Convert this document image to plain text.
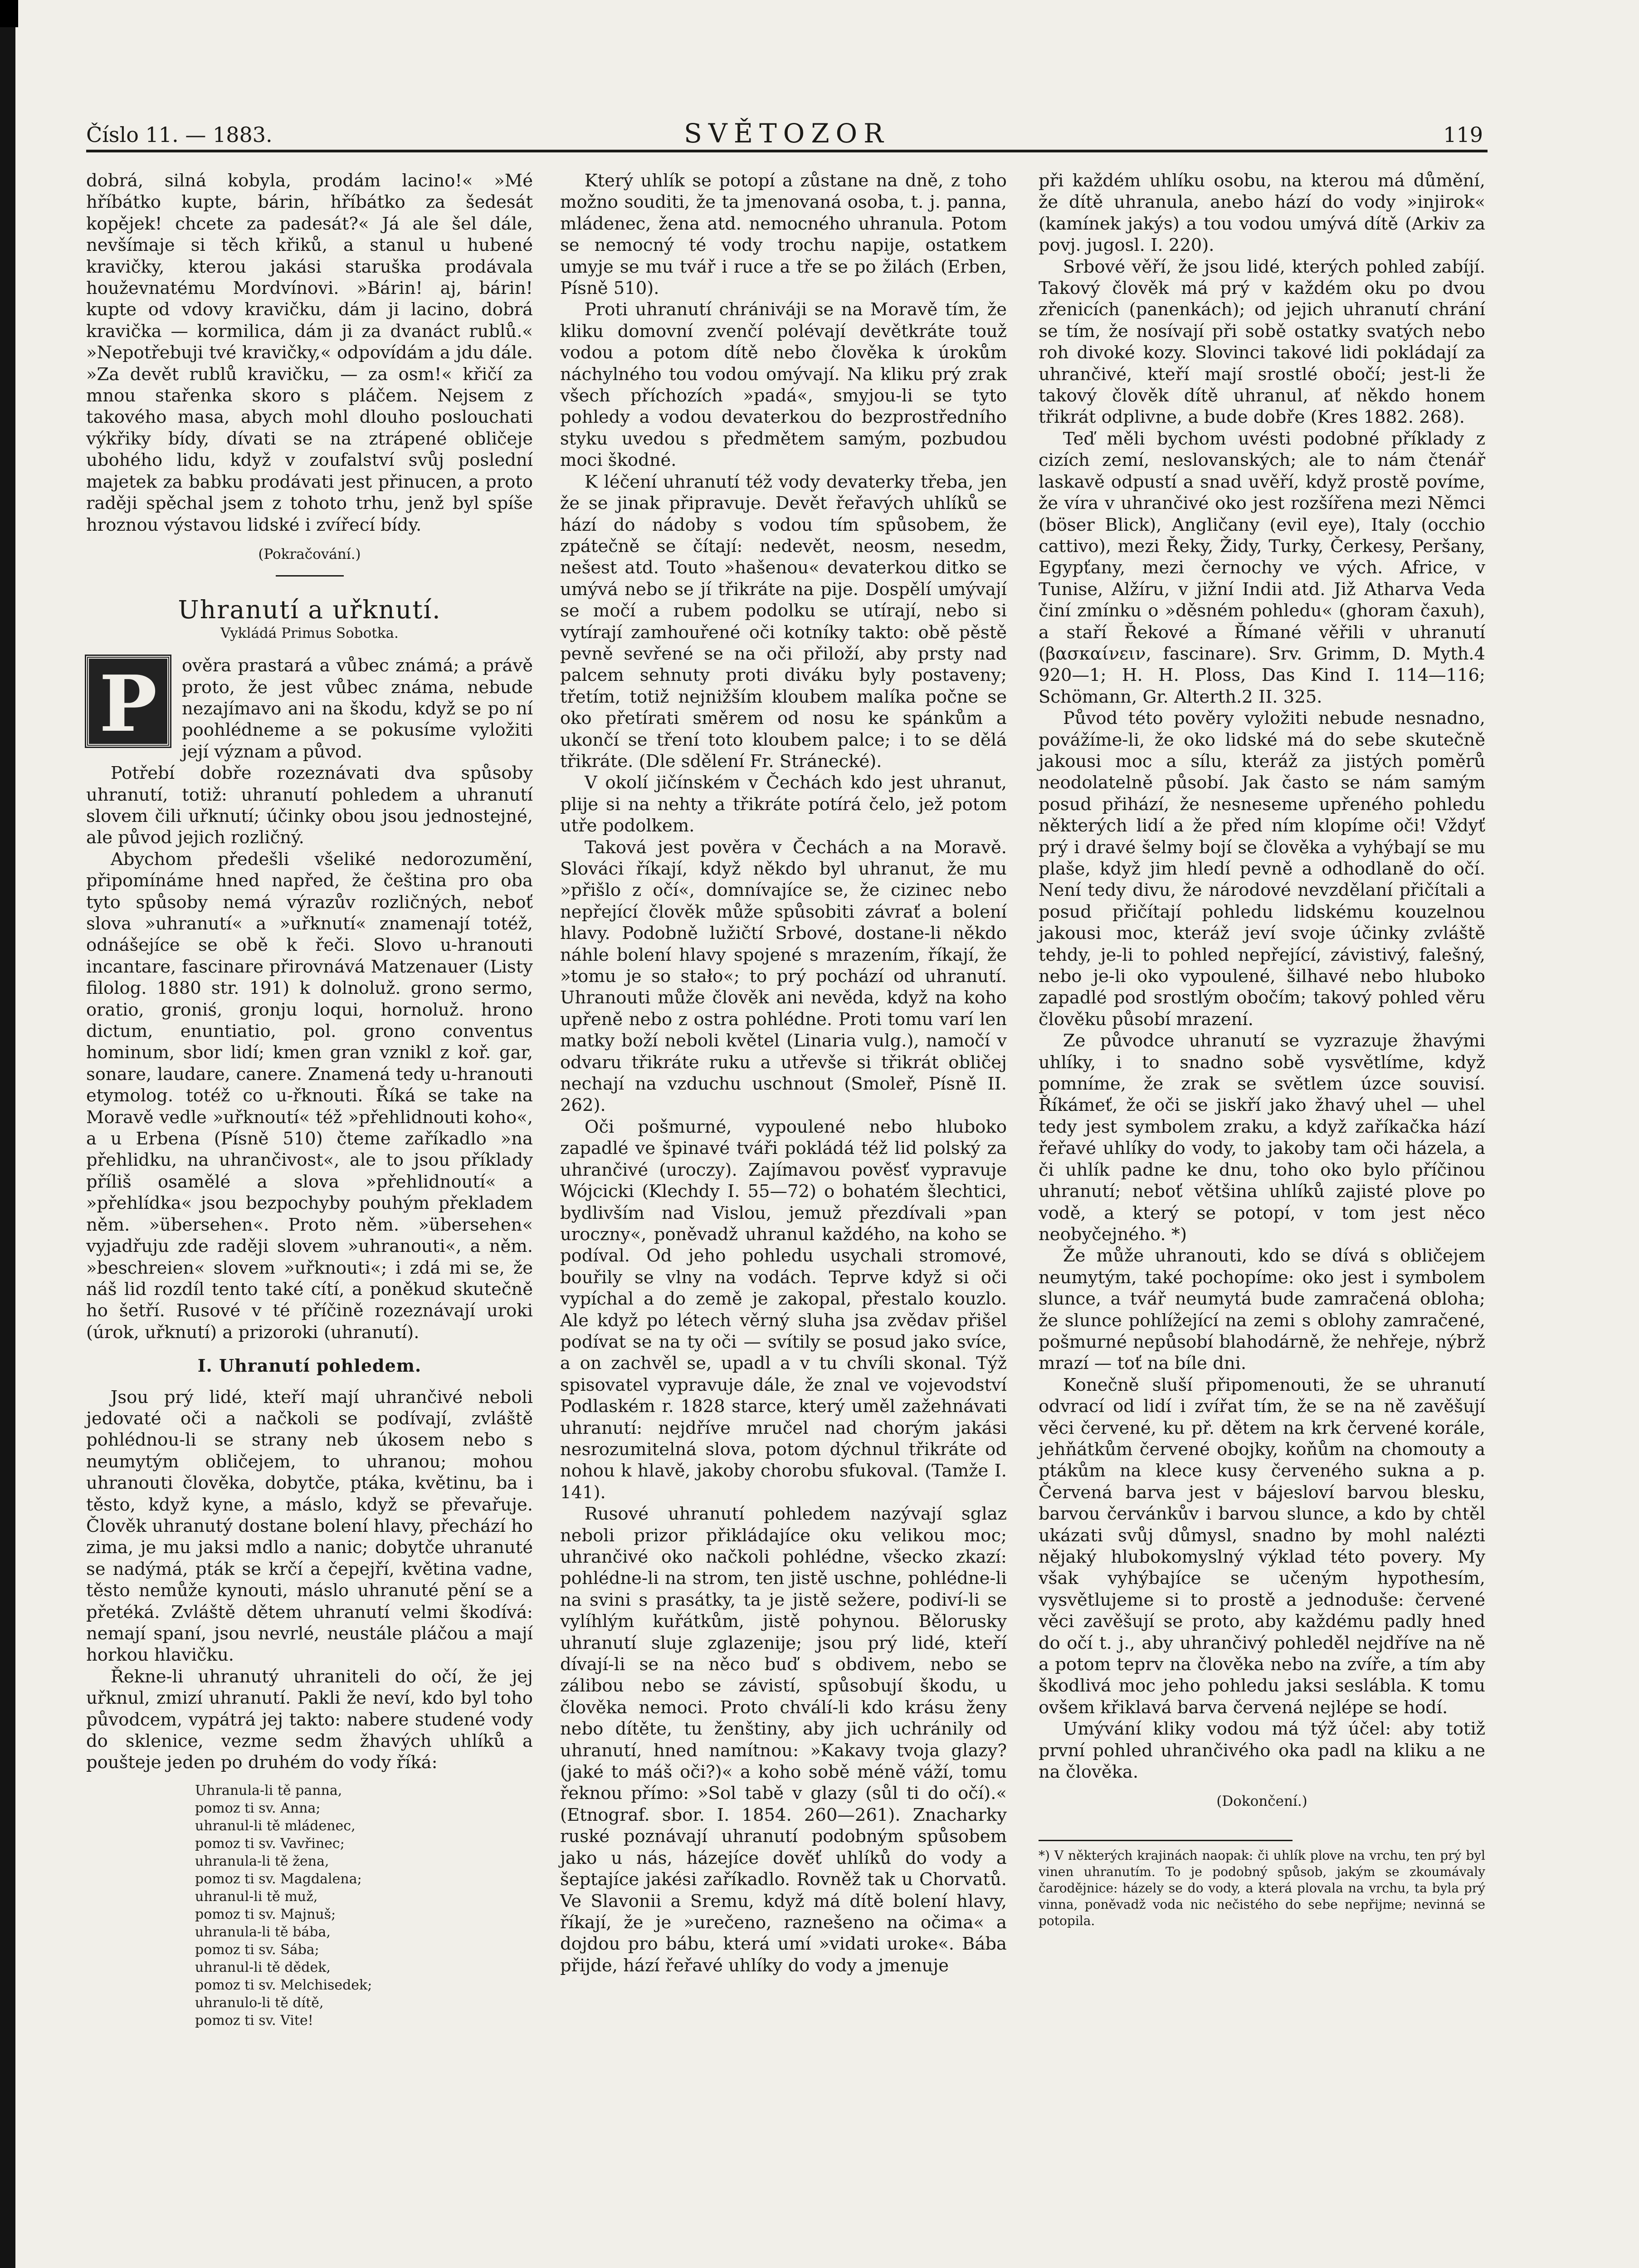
Číslo 11. — 1883.	SVĚTOZOR	119

dobrá, silná kobyla, prodám lacino!« »Mé hříbátko kupte, bárin, hříbátko za šedesát kopějek! chcete za padesát?« Já ale šel dále, nevšímaje si těch křiků, a stanul u hubené kravičky, kterou jakási staruška prodávala houževnatému Mordvínovi. »Bárin! aj, bárin! kupte od vdovy kravičku, dám ji lacino, dobrá kravička — kormilica, dám ji za dvanáct rublů.« »Nepotřebuji tvé kravičky,« odpovídám a jdu dále. »Za devět rublů kravičku, — za osm!« křičí za mnou stařenka skoro s pláčem. Nejsem z takového masa, abych mohl dlouho poslouchati výkřiky bídy, dívati se na ztrápené obličeje ubohého lidu, když v zoufalství svůj poslední majetek za babku prodávati jest přinucen, a proto raději spěchal jsem z tohoto trhu, jenž byl spíše hroznou výstavou lidské i zvířecí bídy.

(Pokračování.)
Uhranutí a uřknutí.
Vykládá Primus Sobotka.

P	ověra prastará a vůbec známá; a právě proto, že jest vůbec známa, nebude nezajímavo ani na škodu, když se po ní poohlédneme a se pokusíme vyložiti její význam a původ.

Potřebí dobře rozeznávati dva spůsoby uhranutí, totiž: uhranutí pohledem a uhranutí slovem čili uřknutí; účinky obou jsou jednostejné, ale původ jejich rozličný.

Abychom předešli všeliké nedorozumění, připomínáme hned napřed, že čeština pro oba tyto spůsoby nemá výrazův rozličných, neboť slova »uhranutí« a »uřknutí« znamenají totéž, odnášejíce se obě k řeči. Slovo u-hranouti incantare, fascinare přirovnává Matzenauer (Listy filolog. 1880 str. 191) k dolnoluž. grono sermo, oratio, groniś, gronju loqui, hornoluž. hrono dictum, enuntiatio, pol. grono conventus hominum, sbor lidí; kmen gran vznikl z koř. gar, sonare, laudare, canere. Znamená tedy u-hranouti etymolog. totéž co u-řknouti. Říká se take na Moravě vedle »uřknoutí« též »přehlidnouti koho«, a u Erbena (Písně 510) čteme zaříkadlo »na přehlidku, na uhrančivost«, ale to jsou příklady příliš osamělé a slova »přehlidnoutí« a »přehlídka« jsou bezpochyby pouhým překladem něm. »übersehen«. Proto něm. »übersehen« vyjadřuju zde raději slovem »uhranouti«, a něm. »beschreien« slovem »uřknouti«; i zdá mi se, že náš lid rozdíl tento také cítí, a poněkud skutečně ho šetří. Rusové v té příčině rozeznávají uroki (úrok, uřknutí) a prizoroki (uhranutí).

I. Uhranutí pohledem.

Jsou prý lidé, kteří mají uhrančivé neboli jedovaté oči a načkoli se podívají, zvláště pohlédnou-li se strany neb úkosem nebo s neumytým obličejem, to uhranou; mohou uhranouti člověka, dobytče, ptáka, květinu, ba i těsto, když kyne, a máslo, když se převařuje. Člověk uhranutý dostane bolení hlavy, přechází ho zima, je mu jaksi mdlo a nanic; dobytče uhranuté se nadýmá, pták se krčí a čepejří, květina vadne, těsto nemůže kynouti, máslo uhranuté pění se a přetéká. Zvláště dětem uhranutí velmi škodívá: nemají spaní, jsou nevrlé, neustále pláčou a mají horkou hlavičku.

Řekne-li uhranutý uhraniteli do očí, že jej uřknul, zmizí uhranutí. Pakli že neví, kdo byl toho původcem, vypátrá jej takto: nabere studené vody do sklenice, vezme sedm žhavých uhlíků a poušteje jeden po druhém do vody říká:

Uhranula-li tě panna,
pomoz ti sv. Anna;
uhranul-li tě mládenec,
pomoz ti sv. Vavřinec;
uhranula-li tě žena,
pomoz ti sv. Magdalena;
uhranul-li tě muž,
pomoz ti sv. Majnuš;
uhranula-li tě bába,
pomoz ti sv. Sába;
uhranul-li tě dědek,
pomoz ti sv. Melchisedek;
uhranulo-li tě dítě,
pomoz ti sv. Vite!

Který uhlík se potopí a zůstane na dně, z toho možno souditi, že ta jmenovaná osoba, t. j. panna, mládenec, žena atd. nemocného uhranula. Potom se nemocný té vody trochu napije, ostatkem umyje se mu tvář i ruce a tře se po žilách (Erben, Písně 510).

Proti uhranutí chrániváji se na Moravě tím, že kliku domovní zvenčí polévají devětkráte touž vodou a potom dítě nebo člověka k úrokům náchylného tou vodou omývají. Na kliku prý zrak všech příchozích »padá«, smyjou-li se tyto pohledy a vodou devaterkou do bezprostředního styku uvedou s předmětem samým, pozbudou moci škodné.

K léčení uhranutí též vody devaterky třeba, jen že se jinak připravuje. Devět řeřavých uhlíků se hází do nádoby s vodou tím spůsobem, že zpátečně se čítají: nedevět, neosm, nesedm, nešest atd. Touto »hašenou« devaterkou ditko se umývá nebo se jí třikráte na pije. Dospělí umývají se močí a rubem podolku se utírají, nebo si vytírají zamhouřené oči kotníky takto: obě pěstě pevně sevřené se na oči přiloží, aby prsty nad palcem sehnuty proti diváku byly postaveny; třetím, totiž nejnižším kloubem malíka počne se oko přetírati směrem od nosu ke spánkům a ukončí se tření toto kloubem palce; i to se dělá třikráte. (Dle sdělení Fr. Stránecké).

V okolí jičínském v Čechách kdo jest uhranut, plije si na nehty a třikráte potírá čelo, jež potom utře podolkem.

Taková jest pověra v Čechách a na Moravě. Slováci říkají, když někdo byl uhranut, že mu »přišlo z očí«, domnívajíce se, že cizinec nebo nepřející člověk může spůsobiti závrať a bolení hlavy. Podobně lužičtí Srbové, dostane-li někdo náhle bolení hlavy spojené s mrazením, říkají, že »tomu je so stało«; to prý pochází od uhranutí. Uhranouti může člověk ani nevěda, když na koho upřeně nebo z ostra pohlédne. Proti tomu varí len matky boží neboli květel (Linaria vulg.), namočí v odvaru třikráte ruku a utřevše si třikrát obličej nechají na vzduchu uschnout (Smoleř, Písně II. 262).

Oči pošmurné, vypoulené nebo hluboko zapadlé ve špinavé tváři pokládá též lid polský za uhrančivé (uroczy). Zajímavou pověsť vypravuje Wójcicki (Klechdy I. 55—72) o bohatém šlechtici, bydlivším nad Vislou, jemuž přezdívali »pan uroczny«, poněvadž uhranul každého, na koho se podíval. Od jeho pohledu usychali stromové, bouřily se vlny na vodách. Teprve když si oči vypíchal a do země je zakopal, přestalo kouzlo. Ale když po létech věrný sluha jsa zvědav přišel podívat se na ty oči — svítily se posud jako svíce, a on zachvěl se, upadl a v tu chvíli skonal. Týž spisovatel vypravuje dále, že znal ve vojevodství Podlaském r. 1828 starce, který uměl zažehnávati uhranutí: nejdříve mručel nad chorým jakási nesrozumitelná slova, potom dýchnul třikráte od nohou k hlavě, jakoby chorobu sfukoval. (Tamže I. 141).

Rusové uhranutí pohledem nazývají sglaz neboli prizor přikládajíce oku velikou moc; uhrančivé oko načkoli pohlédne, všecko zkazí: pohlédne-li na strom, ten jistě uschne, pohlédne-li na svini s prasátky, ta je jistě sežere, podiví-li se vylíhlým kuřátkům, jistě pohynou. Bělorusky uhranutí sluje zglazenije; jsou prý lidé, kteří dívají-li se na něco buď s obdivem, nebo se zálibou nebo se závistí, spůsobují škodu, u člověka nemoci. Proto chválí-li kdo krásu ženy nebo dítěte, tu ženštiny, aby jich uchránily od uhranutí, hned namítnou: »Kakavy tvoja glazy? (jaké to máš oči?)« a koho sobě méně váží, tomu řeknou přímo: »Sol tabě v glazy (sůl ti do očí).« (Etnograf. sbor. I. 1854. 260—261). Znacharky ruské poznávají uhranutí podobným spůsobem jako u nás, házejíce dověť uhlíků do vody a šeptajíce jakési zaříkadlo. Rovněž tak u Chorvatů. Ve Slavonii a Sremu, když má dítě bolení hlavy, říkají, že je »urečeno, raznešeno na očima« a dojdou pro bábu, která umí »vidati uroke«. Bába přijde, hází řeřavé uhlíky do vody a jmenuje

při každém uhlíku osobu, na kterou má důmění, že dítě uhranula, anebo hází do vody »injirok« (kamínek jakýs) a tou vodou umývá dítě (Arkiv za povj. jugosl. I. 220).

Srbové věří, že jsou lidé, kterých pohled zabíjí. Takový člověk má prý v každém oku po dvou zřenicích (panenkách); od jejich uhranutí chrání se tím, že nosívají při sobě ostatky svatých nebo roh divoké kozy. Slovinci takové lidi pokládají za uhrančivé, kteří mají srostlé obočí; jest-li že takový člověk dítě uhranul, ať někdo honem třikrát odplivne, a bude dobře (Kres 1882. 268).

Teď měli bychom uvésti podobné příklady z cizích zemí, neslovanských; ale to nám čtenář laskavě odpustí a snad uvěří, když prostě povíme, že víra v uhrančivé oko jest rozšířena mezi Němci (böser Blick), Angličany (evil eye), Italy (occhio cattivo), mezi Řeky, Židy, Turky, Čerkesy, Peršany, Egypťany, mezi černochy ve vých. Africe, v Tunise, Alžíru, v jižní Indii atd. Již Atharva Veda činí zmínku o »děsném pohledu« (ghoram čaxuh), a staří Řekové a Římané věřili v uhranutí (βασκαίνειν, fascinare). Srv. Grimm, D. Myth.4 920—1; H. H. Ploss, Das Kind I. 114—116; Schömann, Gr. Alterth.2 II. 325.

Původ této pověry vyložiti nebude nesnadno, povážíme-li, že oko lidské má do sebe skutečně jakousi moc a sílu, kteráž za jistých poměrů neodolatelně působí. Jak často se nám samým posud přihází, že nesneseme upřeného pohledu některých lidí a že před ním klopíme oči! Vždyť prý i dravé šelmy bojí se člověka a vyhýbají se mu plaše, když jim hledí pevně a odhodlaně do očí. Není tedy divu, že národové nevzdělaní přičítali a posud přičítají pohledu lidskému kouzelnou jakousi moc, kteráž jeví svoje účinky zvláště tehdy, je-li to pohled nepřející, závistivý, falešný, nebo je-li oko vypoulené, šilhavé nebo hluboko zapadlé pod srostlým obočím; takový pohled věru člověku působí mrazení.

Ze původce uhranutí se vyzrazuje žhavými uhlíky, i to snadno sobě vysvětlíme, když pomníme, že zrak se světlem úzce souvisí. Říkámeť, že oči se jiskří jako žhavý uhel — uhel tedy jest symbolem zraku, a když zaříkačka hází řeřavé uhlíky do vody, to jakoby tam oči házela, a či uhlík padne ke dnu, toho oko bylo příčinou uhranutí; neboť většina uhlíků zajisté plove po vodě, a který se potopí, v tom jest něco neobyčejného. *)

Že může uhranouti, kdo se dívá s obličejem neumytým, také pochopíme: oko jest i symbolem slunce, a tvář neumytá bude zamračená obloha; že slunce pohlížející na zemi s oblohy zamračené, pošmurné nepůsobí blahodárně, že nehřeje, nýbrž mrazí — toť na bíle dni.

Konečně sluší připomenouti, že se uhranutí odvrací od lidí i zvířat tím, že se na ně zavěšují věci červené, ku př. dětem na krk červené korále, jehňátkům červené obojky, koňům na chomouty a ptákům na klece kusy červeného sukna a p. Červená barva jest v bájesloví barvou blesku, barvou červánkův i barvou slunce, a kdo by chtěl ukázati svůj důmysl, snadno by mohl nalézti nějaký hlubokomyslný výklad této povery. My však vyhýbajíce se učeným hypothesím, vysvětlujeme si to prostě a jednoduše: červené věci zavěšují se proto, aby každému padly hned do očí t. j., aby uhrančivý pohleděl nejdříve na ně a potom teprv na člověka nebo na zvíře, a tím aby škodlivá moc jeho pohledu jaksi seslábla. K tomu ovšem křiklavá barva červená nejlépe se hodí.

Umývání kliky vodou má týž účel: aby totiž první pohled uhrančivého oka padl na kliku a ne na člověka.

(Dokončení.)
*) V některých krajinách naopak: či uhlík plove na vrchu, ten prý byl vinen uhranutím. To je podobný spůsob, jakým se zkoumávaly čarodějnice: házely se do vody, a která plovala na vrchu, ta byla prý vinna, poněvadž voda nic nečistého do sebe nepřijme; nevinná se potopila.
